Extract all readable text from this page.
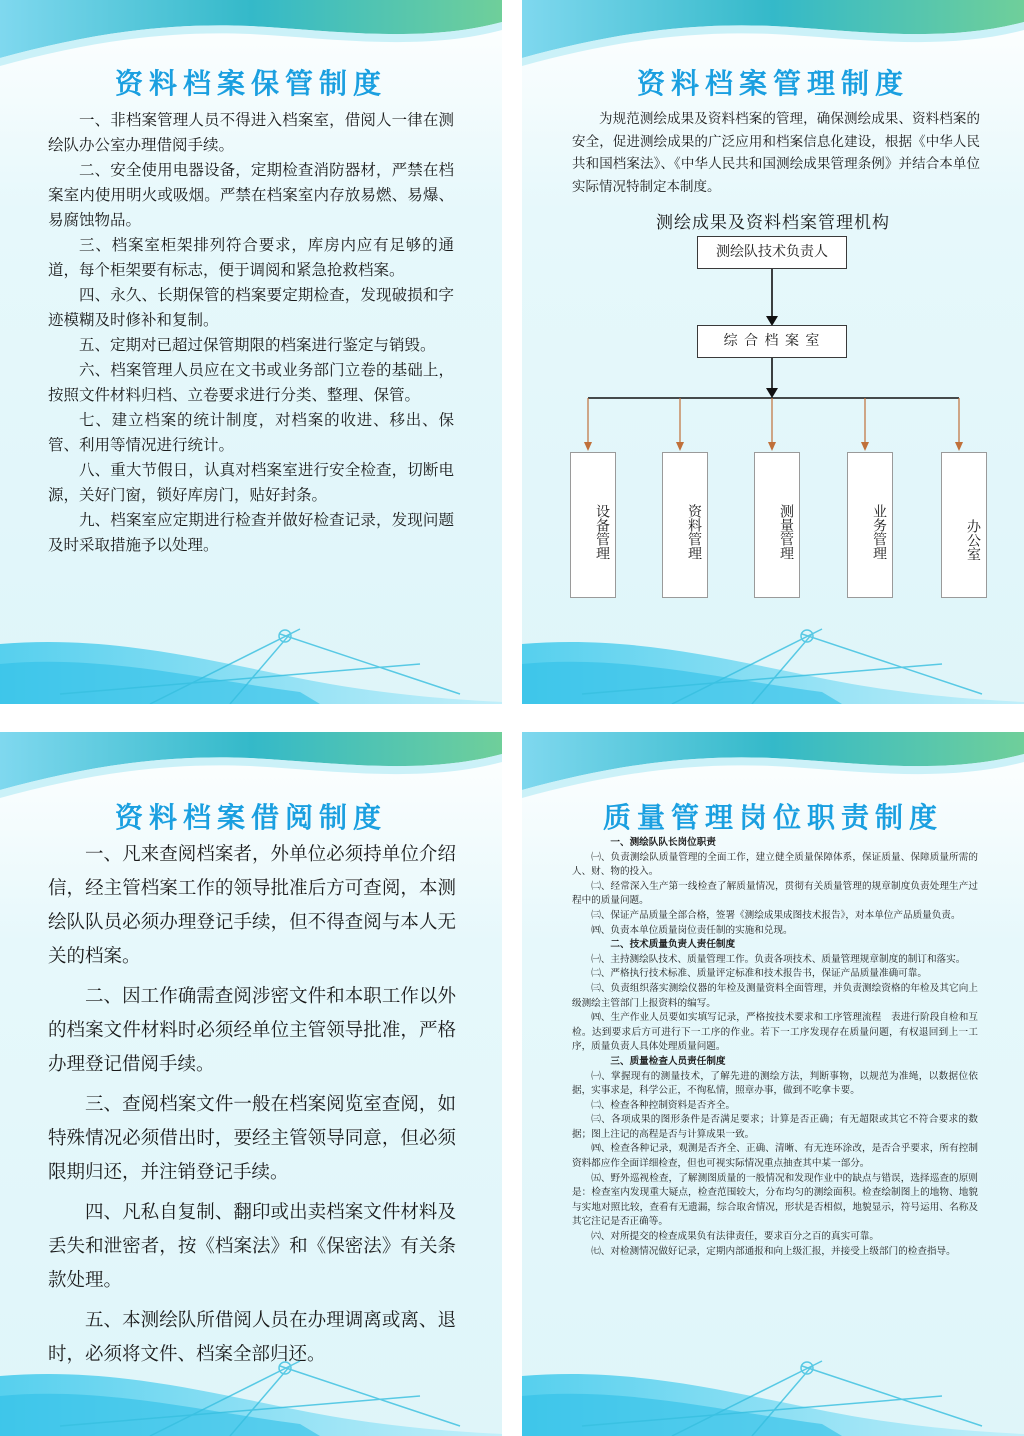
资料档案保管制度

一、非档案管理人员不得进入档案室，借阅人一律在测绘队办公室办理借阅手续。

二、安全使用电器设备，定期检查消防器材，严禁在档案室内使用明火或吸烟。严禁在档案室内存放易燃、易爆、易腐蚀物品。

三、档案室柜架排列符合要求，库房内应有足够的通道，每个柜架要有标志，便于调阅和紧急抢救档案。

四、永久、长期保管的档案要定期检查，发现破损和字迹模糊及时修补和复制。

五、定期对已超过保管期限的档案进行鉴定与销毁。

六、档案管理人员应在文书或业务部门立卷的基础上，按照文件材料归档、立卷要求进行分类、整理、保管。

七、建立档案的统计制度，对档案的收进、移出、保管、利用等情况进行统计。

八、重大节假日，认真对档案室进行安全检查，切断电源，关好门窗，锁好库房门，贴好封条。

九、档案室应定期进行检查并做好检查记录，发现问题及时采取措施予以处理。

资料档案管理制度
为规范测绘成果及资料档案的管理，确保测绘成果、资料档案的安全，促进测绘成果的广泛应用和档案信息化建设，根据《中华人民共和国档案法》、《中华人民共和国测绘成果管理条例》并结合本单位实际情况特制定本制度。
测绘成果及资料档案管理机构
测绘队技术负责人
综 合 档 案 室
设备管理	资料管理	测量管理	业务管理	办公室
资料档案借阅制度

一、凡来查阅档案者，外单位必须持单位介绍信，经主管档案工作的领导批准后方可查阅，本测绘队队员必须办理登记手续，但不得查阅与本人无关的档案。

二、因工作确需查阅涉密文件和本职工作以外的档案文件材料时必须经单位主管领导批准，严格办理登记借阅手续。

三、查阅档案文件一般在档案阅览室查阅，如特殊情况必须借出时，要经主管领导同意，但必须限期归还，并注销登记手续。

四、凡私自复制、翻印或出卖档案文件材料及丢失和泄密者，按《档案法》和《保密法》有关条款处理。

五、本测绘队所借阅人员在办理调离或离、退时，必须将文件、档案全部归还。

质量管理岗位职责制度

一、测绘队队长岗位职责

㈠、负责测绘队质量管理的全面工作，建立健全质量保障体系，保证质量、保障质量所需的人、财、物的投入。

㈡、经常深入生产第一线检查了解质量情况，贯彻有关质量管理的规章制度负责处理生产过程中的质量问题。

㈢、保证产品质量全部合格，签署《测绘成果成图技术报告》，对本单位产品质量负责。

㈣、负责本单位质量岗位责任制的实施和兑现。

二、技术质量负责人责任制度

㈠、主持测绘队技术、质量管理工作。负责各项技术、质量管理规章制度的制订和落实。

㈡、严格执行技术标准、质量评定标准和技术报告书，保证产品质量准确可靠。

㈢、负责组织落实测绘仪器的年检及测量资料全面管理，并负责测绘资格的年检及其它向上级测绘主管部门上报资料的编写。

㈣、生产作业人员要如实填写记录，严格按技术要求和工序管理流程　表进行阶段自检和互检。达到要求后方可进行下一工序的作业。若下一工序发现存在质量问题，有权退回到上一工序，质量负责人具体处理质量问题。

三、质量检查人员责任制度

㈠、掌握现有的测量技术，了解先进的测绘方法，判断事物，以规范为准绳，以数据位依据，实事求是，科学公正，不徇私情，照章办事，做到不吃拿卡要。

㈡、检查各种控制资料是否齐全。

㈢、各项成果的图形条件是否满足要求；计算是否正确；有无超限或其它不符合要求的数据；图上注记的高程是否与计算成果一致。

㈣、检查各种记录，观测是否齐全、正确、清晰、有无连环涂改，是否合乎要求，所有控制资料都应作全面详细检查，但也可视实际情况重点抽查其中某一部分。

㈤、野外巡视检查，了解测图质量的一般情况和发现作业中的缺点与错误，选择巡查的原则是：检查室内发现重大疑点，检查范围较大，分布均匀的测绘面积。检查绘制图上的地物、地貌与实地对照比较，查看有无遗漏，综合取舍情况，形状是否相似，地貌显示，符号运用、名称及其它注记是否正确等。

㈥、对所提交的检查成果负有法律责任，要求百分之百的真实可靠。

㈦、对检测情况做好记录，定期内部通报和向上级汇报，并接受上级部门的检查指导。
